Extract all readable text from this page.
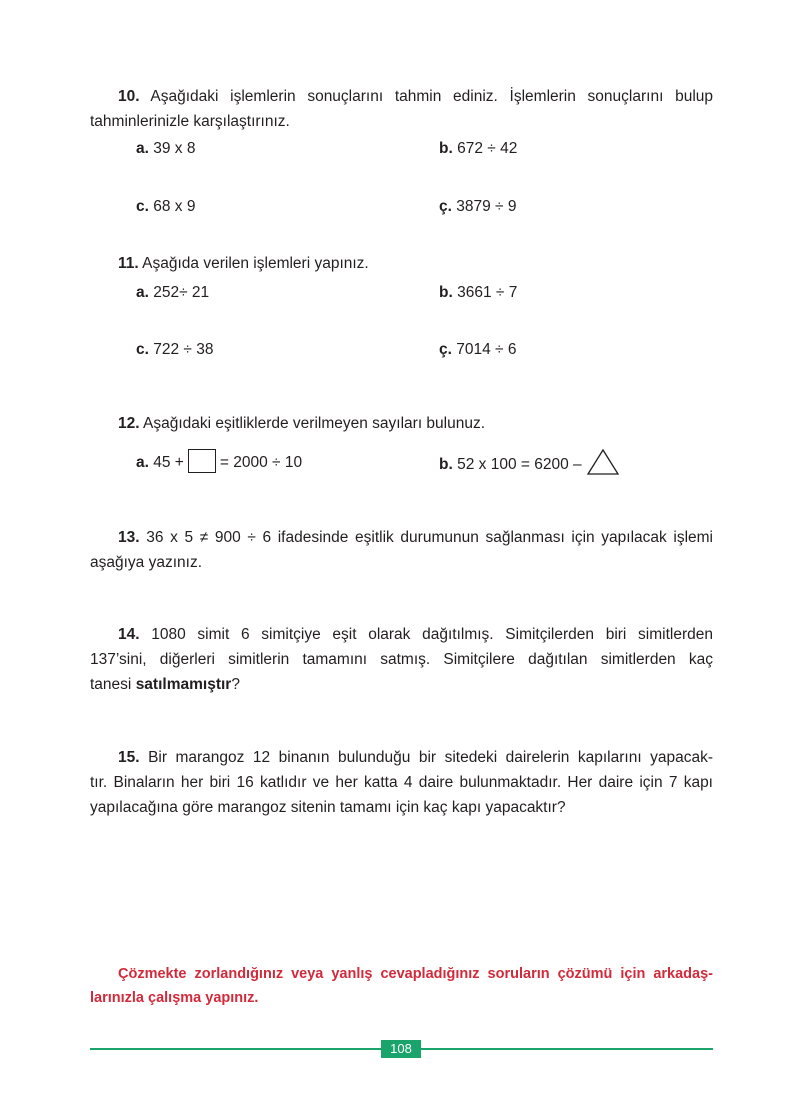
10. Aşağıdaki işlemlerin sonuçlarını tahmin ediniz. İşlemlerin sonuçlarını bulup
tahminlerinizle karşılaştırınız.
a. 39 x 8	b. 672 ÷ 42
c. 68 x 9	ç. 3879 ÷ 9
11. Aşağıda verilen işlemleri yapınız.
a. 252÷ 21	b. 3661 ÷ 7
c. 722 ÷ 38	ç. 7014 ÷ 6
12. Aşağıdaki eşitliklerde verilmeyen sayıları bulunuz.
a. 45 + = 2000 ÷ 10	b. 52 x 100 = 6200 –
13. 36 x 5 ≠ 900 ÷ 6 ifadesinde eşitlik durumunun sağlanması için yapılacak işlemi
aşağıya yazınız.
14. 1080 simit 6 simitçiye eşit olarak dağıtılmış. Simitçilerden biri simitlerden
137’sini, diğerleri simitlerin tamamını satmış. Simitçilere dağıtılan simitlerden kaç
tanesi satılmamıştır?
15. Bir marangoz 12 binanın bulunduğu bir sitedeki dairelerin kapılarını yapacak-
tır. Binaların her biri 16 katlıdır ve her katta 4 daire bulunmaktadır. Her daire için 7 kapı
yapılacağına göre marangoz sitenin tamamı için kaç kapı yapacaktır?
Çözmekte zorlandığınız veya yanlış cevapladığınız soruların çözümü için arkadaş-
larınızla çalışma yapınız.
108
